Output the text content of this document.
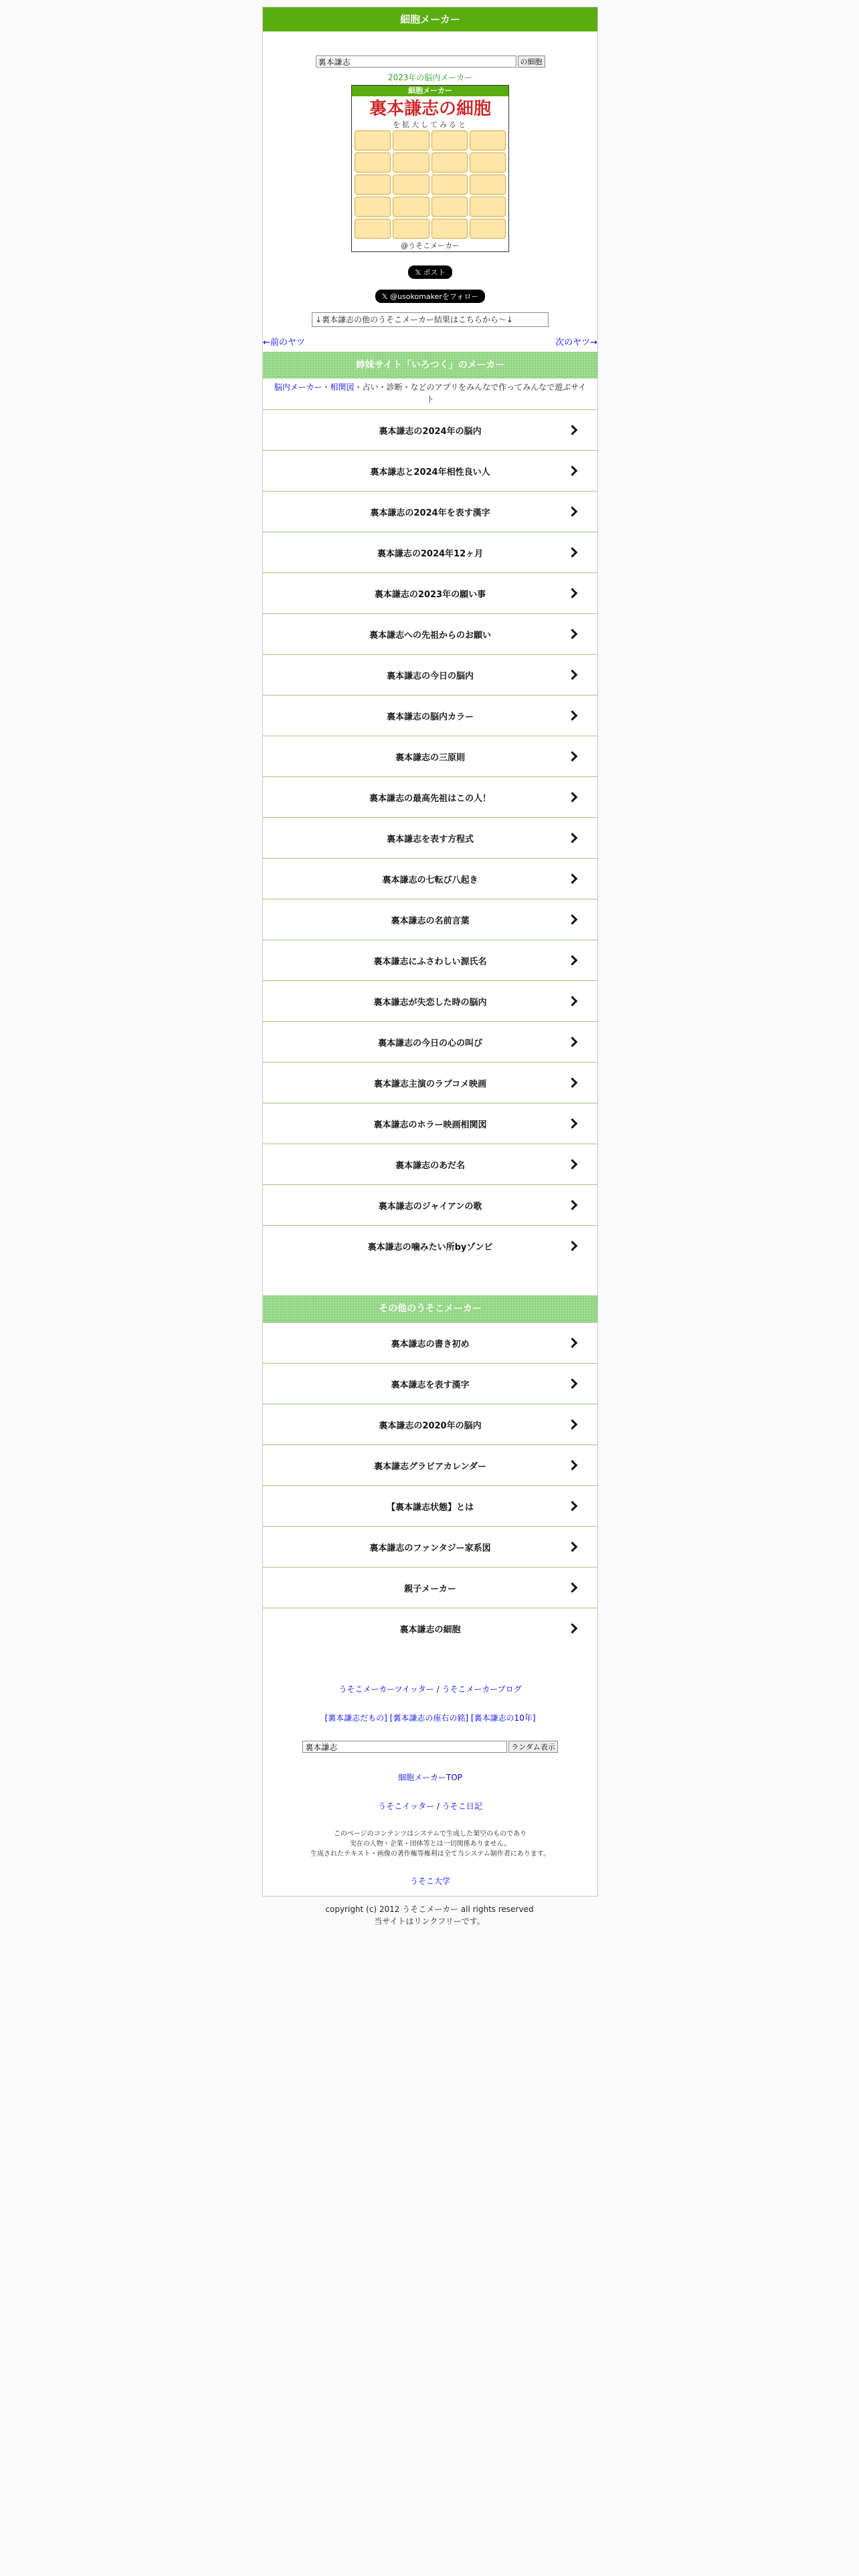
細胞メーカー
裏本謙志
の細胞
2023年の脳内メーカー
細胞メーカー
裏本謙志の細胞
を拡大してみると
@うそこメーカー
𝕏 ポスト
𝕏 @usokomakerをフォロー
↓裏本謙志の他のうそこメーカー結果はこちらから〜↓
←前のヤツ	次のヤツ→
姉妹サイト「いろつく」のメーカー
脳内メーカー・相関図・占い・診断・などのアプリをみんなで作ってみんなで遊ぶサイト
裏本謙志の2024年の脳内
裏本謙志と2024年相性良い人
裏本謙志の2024年を表す漢字
裏本謙志の2024年12ヶ月
裏本謙志の2023年の願い事
裏本謙志への先祖からのお願い
裏本謙志の今日の脳内
裏本謙志の脳内カラー
裏本謙志の三原則
裏本謙志の最高先祖はこの人！
裏本謙志を表す方程式
裏本謙志の七転び八起き
裏本謙志の名前言葉
裏本謙志にふさわしい源氏名
裏本謙志が失恋した時の脳内
裏本謙志の今日の心の叫び
裏本謙志主演のラブコメ映画
裏本謙志のホラー映画相関図
裏本謙志のあだ名
裏本謙志のジャイアンの歌
裏本謙志の噛みたい所byゾンビ
その他のうそこメーカー
裏本謙志の書き初め
裏本謙志を表す漢字
裏本謙志の2020年の脳内
裏本謙志グラビアカレンダー
【裏本謙志状態】とは
裏本謙志のファンタジー家系図
親子メーカー
裏本謙志の細胞
うそこメーカーツイッター / うそこメーカーブログ
[裏本謙志だもの] [裏本謙志の座右の銘] [裏本謙志の10年]
裏本謙志
ランダム表示
細胞メーカーTOP
うそこイッター / うそこ日記
このページのコンテンツはシステムで生成した架空のものであり
実在の人物・企業・団体等とは一切関係ありません。
生成されたテキスト・画像の著作権等権利は全て当システム制作者にあります。
うそこ大学
copyright (c) 2012 うそこメーカー all rights reserved
当サイトはリンクフリーです。
